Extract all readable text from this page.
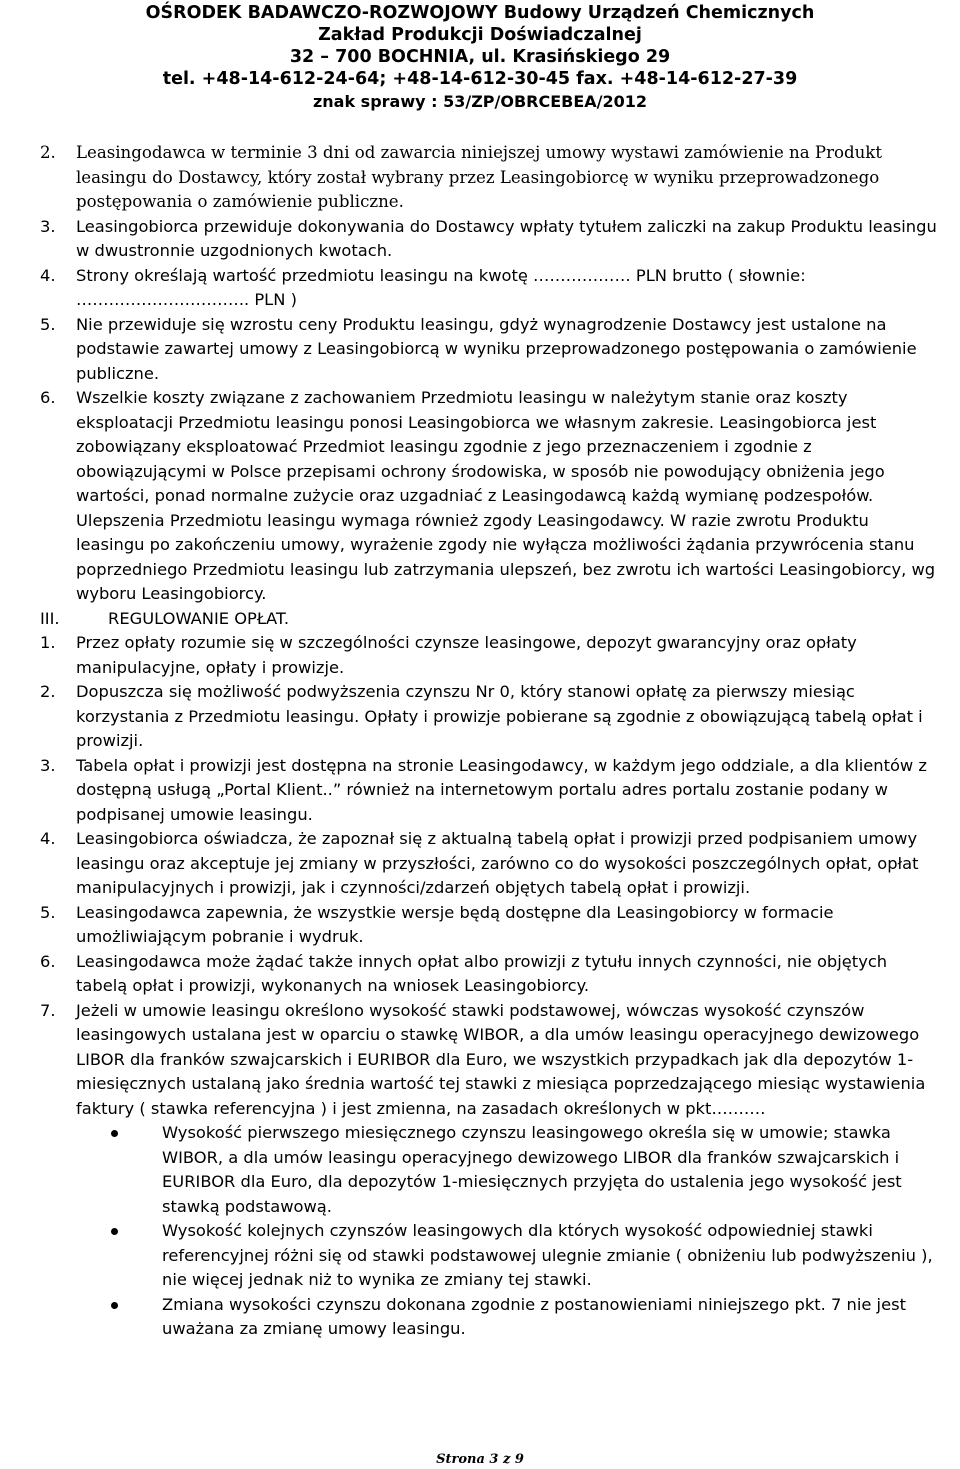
OŚRODEK BADAWCZO-ROZWOJOWY Budowy Urządzeń Chemicznych
Zakład Produkcji Doświadczalnej
32 – 700 BOCHNIA, ul. Krasińskiego 29
tel. +48-14-612-24-64; +48-14-612-30-45 fax. +48-14-612-27-39
znak sprawy : 53/ZP/OBRCEBEA/2012
2. Leasingodawca w terminie 3 dni od zawarcia niniejszej umowy wystawi zamówienie na Produkt leasingu do Dostawcy, który został wybrany przez Leasingobiorcę w wyniku przeprowadzonego postępowania o zamówienie publiczne.
3. Leasingobiorca przewiduje dokonywania do Dostawcy wpłaty tytułem zaliczki na zakup Produktu leasingu w dwustronnie uzgodnionych kwotach.
4. Strony określają wartość przedmiotu leasingu na kwotę ……………… PLN brutto ( słownie: ………………………….. PLN )
5. Nie przewiduje się wzrostu ceny Produktu leasingu, gdyż wynagrodzenie Dostawcy jest ustalone na podstawie zawartej umowy z Leasingobiorcą w wyniku przeprowadzonego postępowania o zamówienie publiczne.
6. Wszelkie koszty związane z zachowaniem Przedmiotu leasingu w należytym stanie oraz koszty eksploatacji Przedmiotu leasingu ponosi Leasingobiorca we własnym zakresie. Leasingobiorca jest zobowiązany eksploatować Przedmiot leasingu zgodnie z jego przeznaczeniem i zgodnie z obowiązującymi w Polsce przepisami ochrony środowiska, w sposób nie powodujący obniżenia jego wartości, ponad normalne zużycie oraz uzgadniać z Leasingodawcą każdą wymianę podzespołów. Ulepszenia Przedmiotu leasingu wymaga również zgody Leasingodawcy. W razie zwrotu Produktu leasingu po zakończeniu umowy, wyrażenie zgody nie wyłącza możliwości żądania przywrócenia stanu poprzedniego Przedmiotu leasingu lub zatrzymania ulepszeń, bez zwrotu ich wartości Leasingobiorcy, wg wyboru Leasingobiorcy.
III.	REGULOWANIE OPŁAT.
1. Przez opłaty rozumie się w szczególności czynsze leasingowe, depozyt gwarancyjny oraz opłaty manipulacyjne, opłaty i prowizje.
2. Dopuszcza się możliwość podwyższenia czynszu Nr 0, który stanowi opłatę za pierwszy miesiąc korzystania z Przedmiotu leasingu. Opłaty i prowizje pobierane są zgodnie z obowiązującą tabelą opłat i prowizji.
3. Tabela opłat i prowizji jest dostępna na stronie Leasingodawcy, w każdym jego oddziale, a dla klientów z dostępną usługą „Portal Klient..” również na internetowym portalu adres portalu zostanie podany w podpisanej umowie leasingu.
4. Leasingobiorca oświadcza, że zapoznał się z aktualną tabelą opłat i prowizji przed podpisaniem umowy leasingu oraz akceptuje jej zmiany w przyszłości, zarówno co do wysokości poszczególnych opłat, opłat manipulacyjnych i prowizji, jak i czynności/zdarzeń objętych tabelą opłat i prowizji.
5. Leasingodawca zapewnia, że wszystkie wersje będą dostępne dla Leasingobiorcy w formacie umożliwiającym pobranie i wydruk.
6. Leasingodawca może żądać także innych opłat albo prowizji z tytułu innych czynności, nie objętych tabelą opłat i prowizji, wykonanych na wniosek Leasingobiorcy.
7. Jeżeli w umowie leasingu określono wysokość stawki podstawowej, wówczas wysokość czynszów leasingowych ustalana jest w oparciu o stawkę WIBOR, a dla umów leasingu operacyjnego dewizowego LIBOR dla franków szwajcarskich i EURIBOR dla Euro, we wszystkich przypadkach jak dla depozytów 1-miesięcznych ustalaną jako średnia wartość tej stawki z miesiąca poprzedzającego miesiąc wystawienia faktury ( stawka referencyjna ) i jest zmienna, na zasadach określonych w pkt……….
Wysokość pierwszego miesięcznego czynszu leasingowego określa się w umowie; stawka WIBOR, a dla umów leasingu operacyjnego dewizowego LIBOR dla franków szwajcarskich i EURIBOR dla Euro, dla depozytów 1-miesięcznych przyjęta do ustalenia jego wysokość jest stawką podstawową.
Wysokość kolejnych czynszów leasingowych dla których wysokość odpowiedniej stawki referencyjnej różni się od stawki podstawowej ulegnie zmianie ( obniżeniu lub podwyższeniu ), nie więcej jednak niż to wynika ze zmiany tej stawki.
Zmiana wysokości czynszu dokonana zgodnie z postanowieniami niniejszego pkt. 7 nie jest uważana za zmianę umowy leasingu.
Strona 3 z 9
